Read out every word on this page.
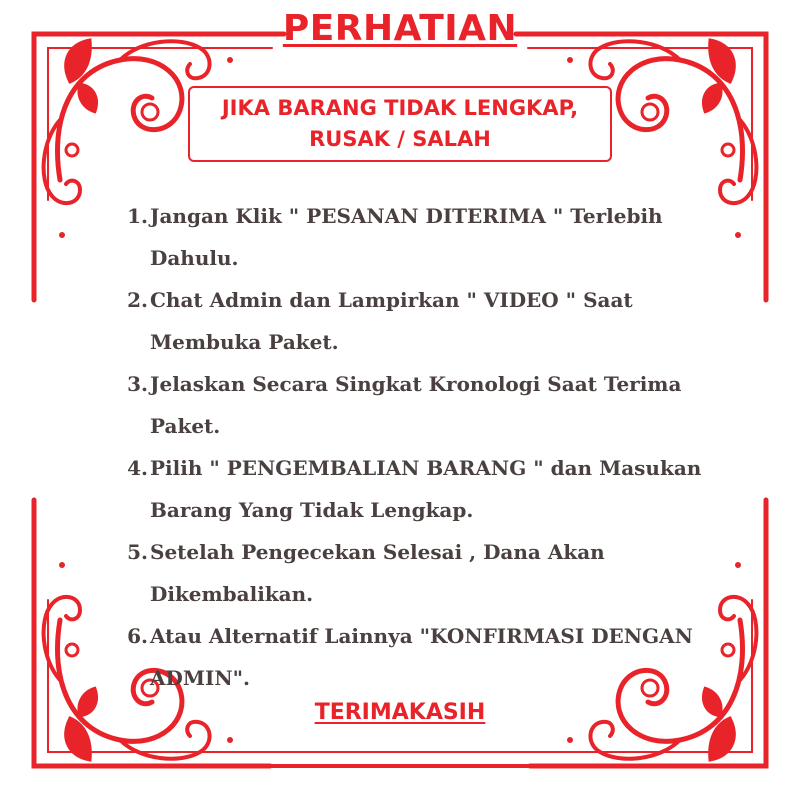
PERHATIAN
JIKA BARANG TIDAK LENGKAP,
RUSAK / SALAH
1. Jangan Klik " PESANAN DITERIMA " Terlebih
Dahulu.
2. Chat Admin dan Lampirkan " VIDEO " Saat
Membuka Paket.
3. Jelaskan Secara Singkat Kronologi Saat Terima
Paket.
4. Pilih " PENGEMBALIAN BARANG " dan Masukan
Barang Yang Tidak Lengkap.
5. Setelah Pengecekan Selesai , Dana Akan
Dikembalikan.
6. Atau Alternatif Lainnya "KONFIRMASI DENGAN
ADMIN".
TERIMAKASIH
